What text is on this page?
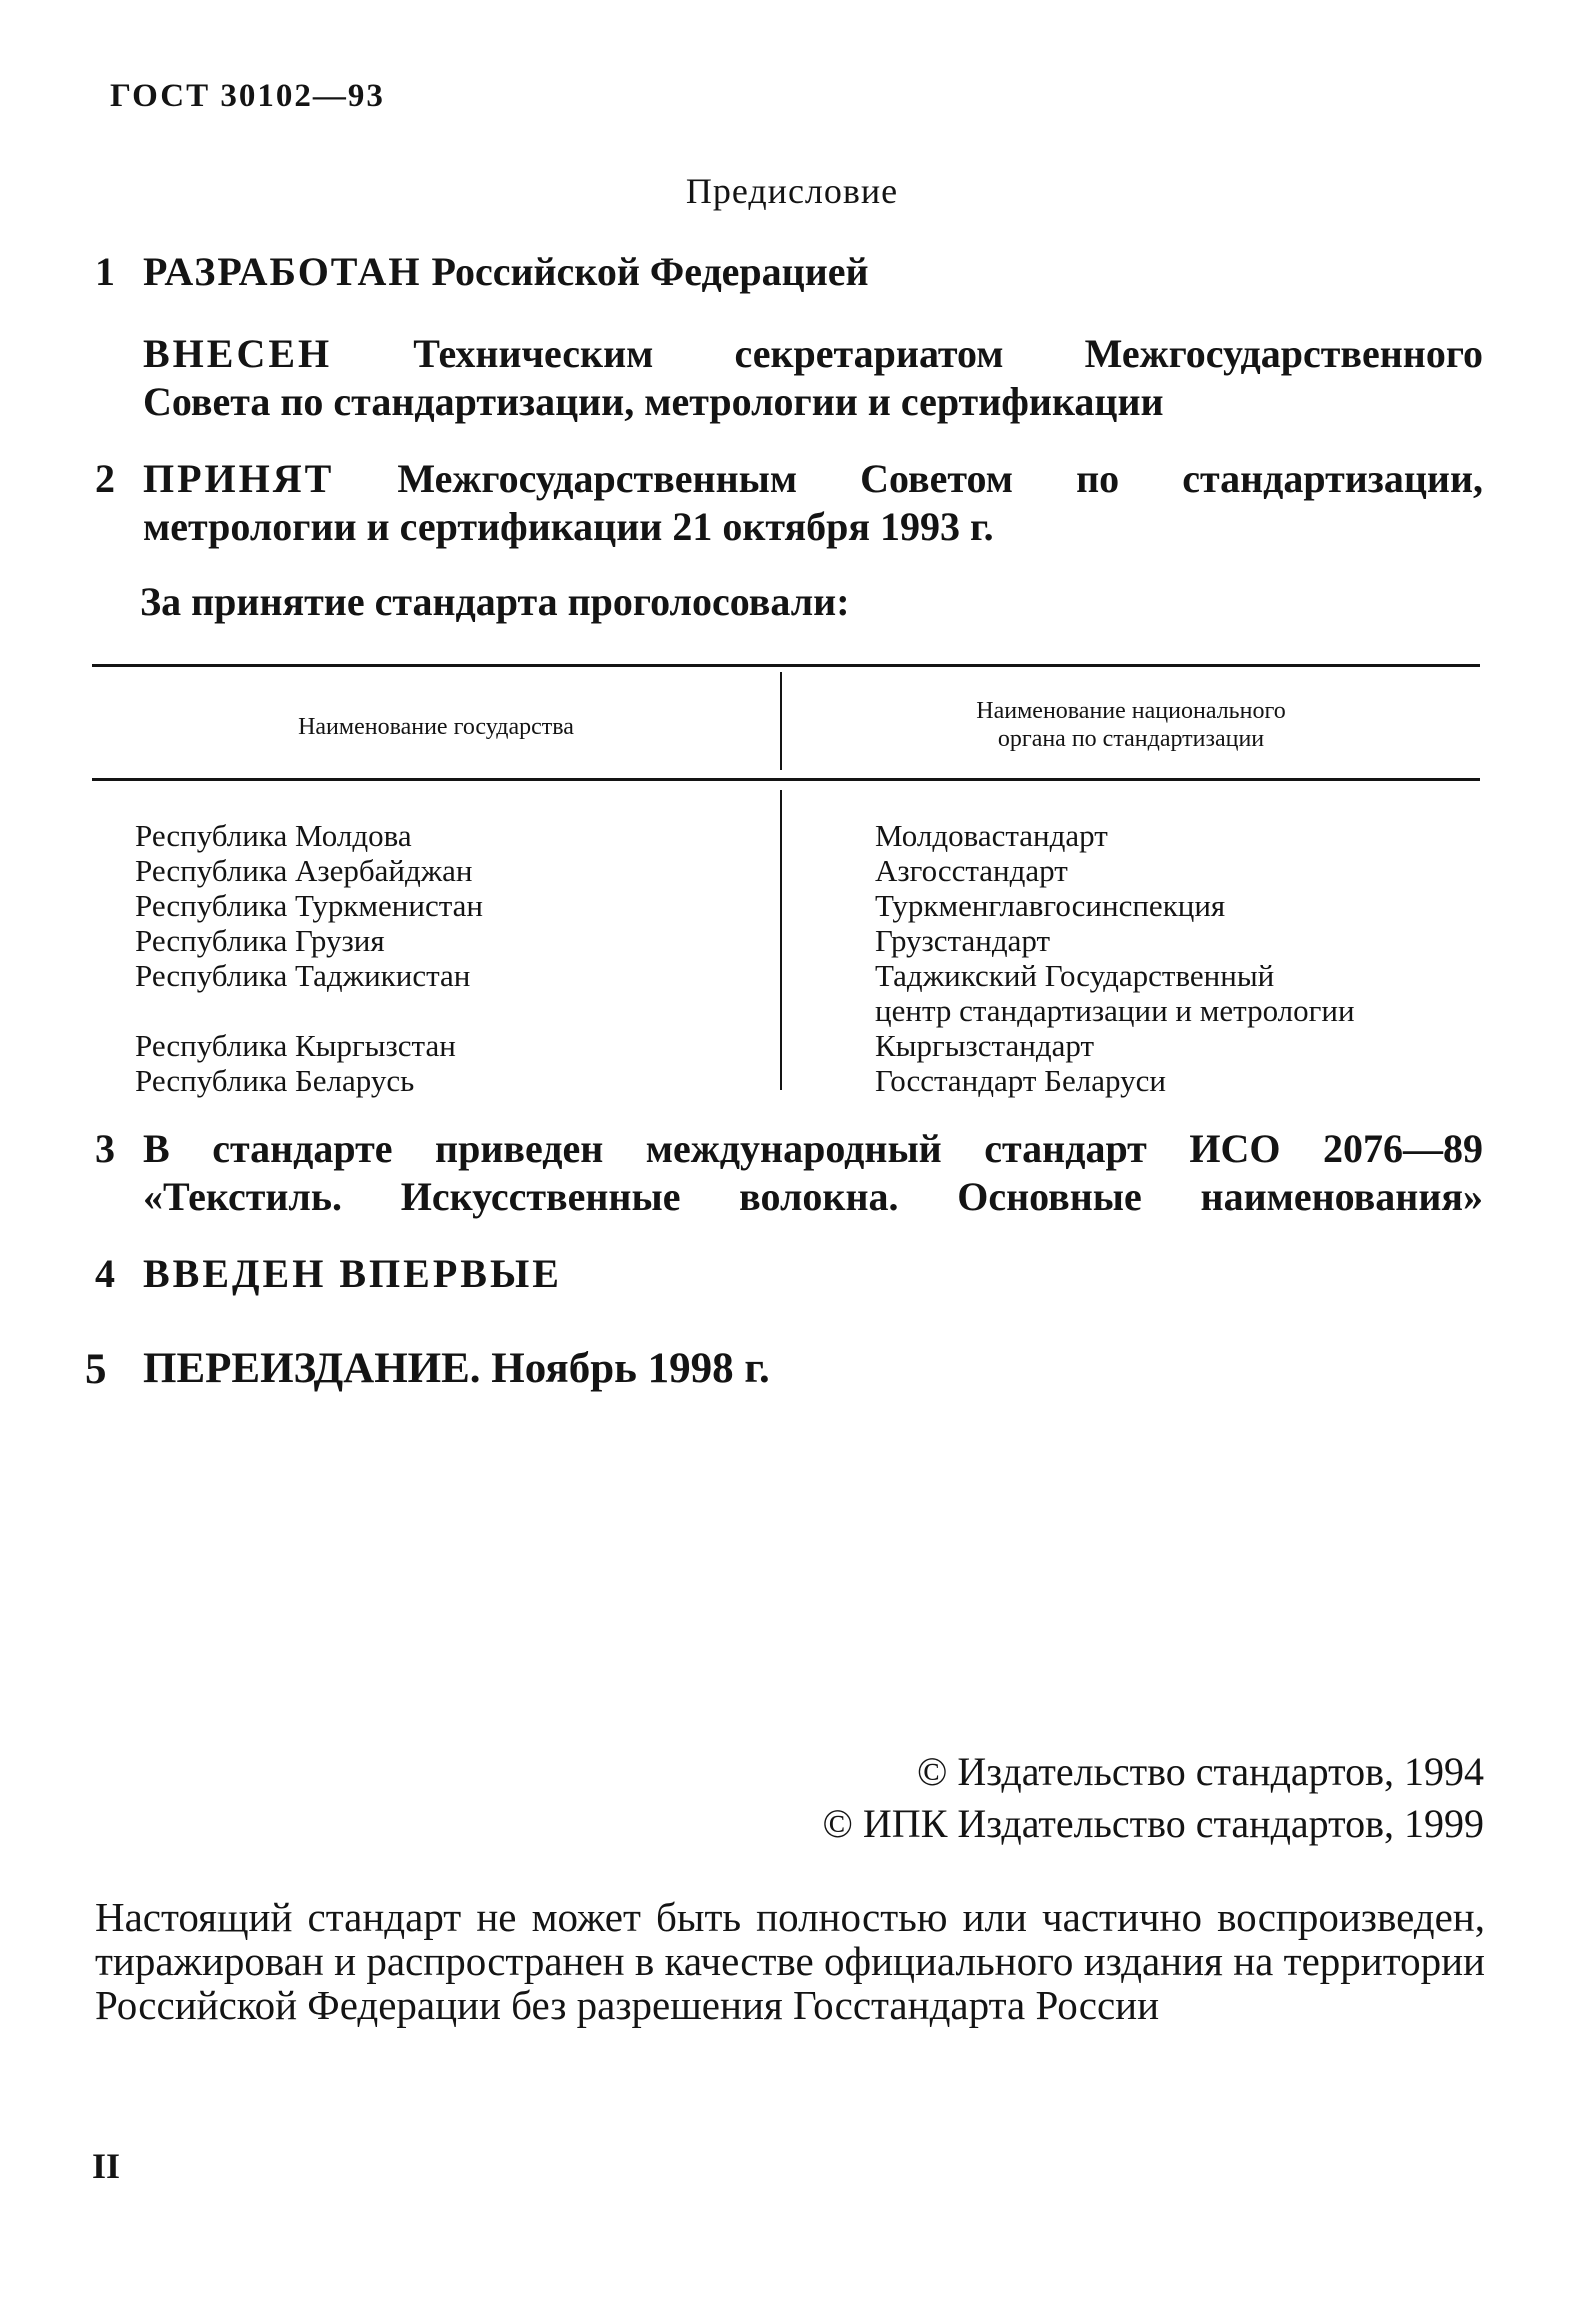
ГОСТ 30102—93
Предисловие
1 РАЗРАБОТАН Российской Федерацией
ВНЕСЕН Техническим секретариатом Межгосударственного
Совета по стандартизации, метрологии и сертификации
2 ПРИНЯТ Межгосударственным Советом по стандартизации,
метрологии и сертификации 21 октября 1993 г.
За принятие стандарта проголосовали:
Наименование государства
Наименование национального
органа по стандартизации
Республика Молдова
Республика Азербайджан
Республика Туркменистан
Республика Грузия
Республика Таджикистан
Республика Кыргызстан
Республика Беларусь
Молдовастандарт
Азгосстандарт
Туркменглавгосинспекция
Грузстандарт
Таджикский Государственный
центр стандартизации и метрологии
Кыргызстандарт
Госстандарт Беларуси
3 В стандарте приведен международный стандарт ИСО 2076—89
«Текстиль. Искусственные волокна. Основные наименования»
4 ВВЕДЕН ВПЕРВЫЕ
5 ПЕРЕИЗДАНИЕ. Ноябрь 1998 г.
© Издательство стандартов, 1994
© ИПК Издательство стандартов, 1999
Настоящий стандарт не может быть полностью или частично воспроизведен, тиражирован и распространен в качестве официального издания на территории Российской Федерации без разрешения Госстандарта России
II
